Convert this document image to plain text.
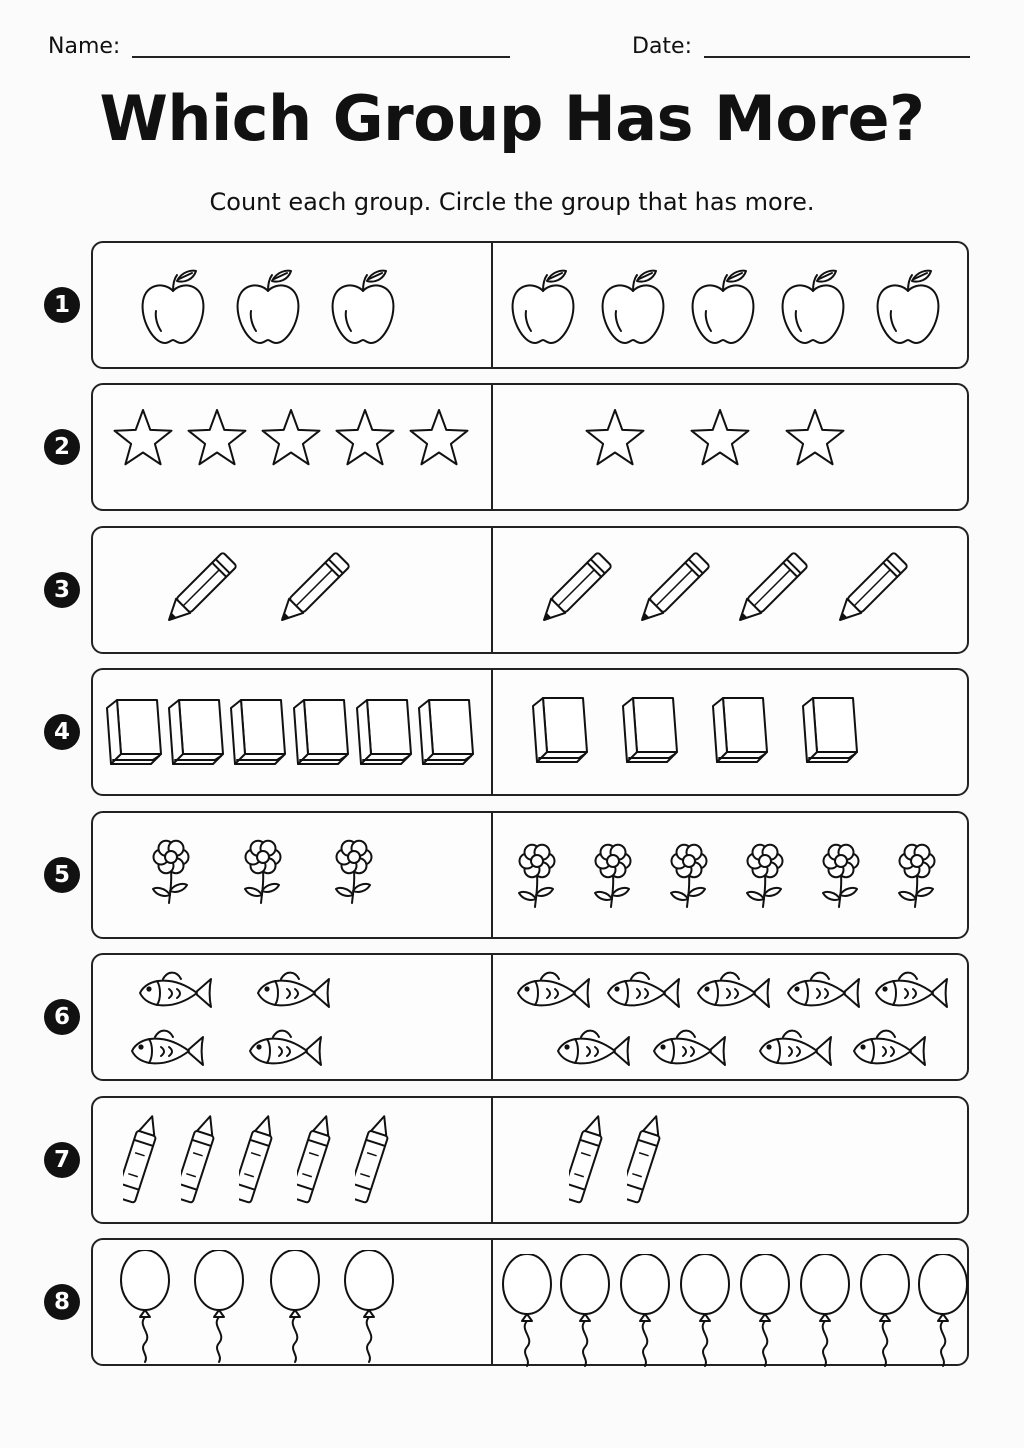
Name:	Date:
Which Group Has More?
Count each group. Circle the group that has more.
1
2
3
4
5
6
7
8
